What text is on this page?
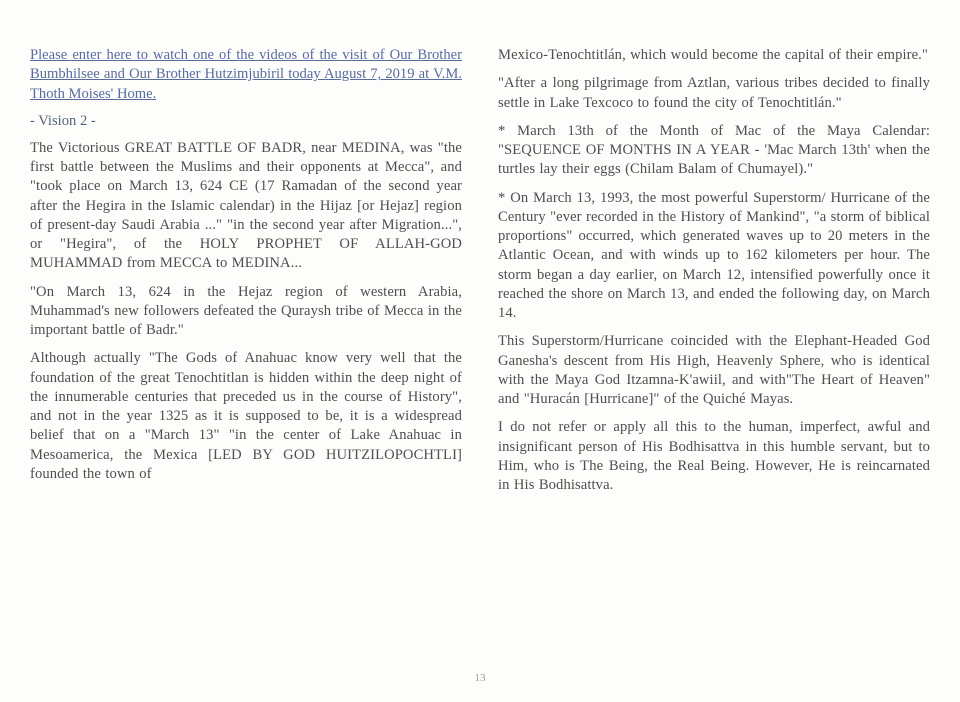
Please enter here to watch one of the videos of the visit of Our Brother Bumbhilsee and Our Brother Hutzimjubiril today August 7, 2019 at V.M. Thoth Moises' Home.
- Vision 2 -

The Victorious GREAT BATTLE OF BADR, near MEDINA, was "the first battle between the Muslims and their opponents at Mecca", and "took place on March 13, 624 CE (17 Ramadan of the second year after the Hegira in the Islamic calendar) in the Hijaz [or Hejaz] region of present-day Saudi Arabia ..." "in the second year after Migration...", or "Hegira", of the HOLY PROPHET OF ALLAH-GOD MUHAMMAD from MECCA to MEDINA...

"On March 13, 624 in the Hejaz region of western Arabia, Muhammad's new followers defeated the Quraysh tribe of Mecca in the important battle of Badr."

Although actually "The Gods of Anahuac know very well that the foundation of the great Tenochtitlan is hidden within the deep night of the innumerable centuries that preceded us in the course of History", and not in the year 1325 as it is supposed to be, it is a widespread belief that on a "March 13" "in the center of Lake Anahuac in Mesoamerica, the Mexica [LED BY GOD HUITZILOPOCHTLI] founded the town of

Mexico-Tenochtitlán, which would become the capital of their empire."

"After a long pilgrimage from Aztlan, various tribes decided to finally settle in Lake Texcoco to found the city of Tenochtitlán."

* March 13th of the Month of Mac of the Maya Calendar: "SEQUENCE OF MONTHS IN A YEAR - 'Mac March 13th' when the turtles lay their eggs (Chilam Balam of Chumayel)."

* On March 13, 1993, the most powerful Superstorm/ Hurricane of the Century "ever recorded in the History of Mankind", "a storm of biblical proportions" occurred, which generated waves up to 20 meters in the Atlantic Ocean, and with winds up to 162 kilometers per hour. The storm began a day earlier, on March 12, intensified powerfully once it reached the shore on March 13, and ended the following day, on March 14.

This Superstorm/Hurricane coincided with the Elephant-Headed God Ganesha's descent from His High, Heavenly Sphere, who is identical with the Maya God Itzamna-K'awiil, and with"The Heart of Heaven" and "Huracán [Hurricane]" of the Quiché Mayas.

I do not refer or apply all this to the human, imperfect, awful and insignificant person of His Bodhisattva in this humble servant, but to Him, who is The Being, the Real Being. However, He is reincarnated in His Bodhisattva.

13
